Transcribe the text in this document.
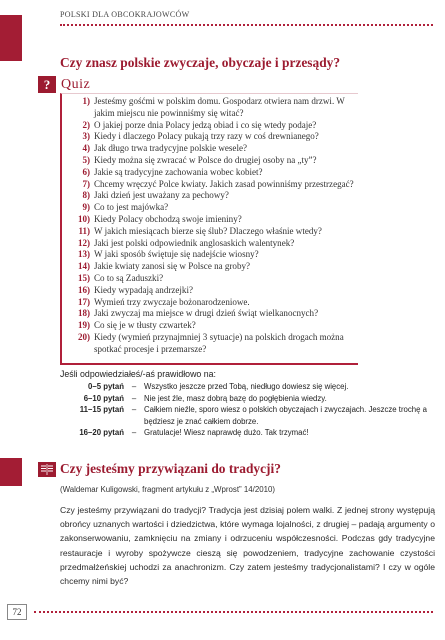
POLSKI DLA OBCOKRAJOWCÓW
Czy znasz polskie zwyczaje, obyczaje i przesądy?
? Quiz
1) Jesteśmy gośćmi w polskim domu. Gospodarz otwiera nam drzwi. W jakim miejscu nie powinniśmy się witać?
2) O jakiej porze dnia Polacy jedzą obiad i co się wtedy podaje?
3) Kiedy i dlaczego Polacy pukają trzy razy w coś drewnianego?
4) Jak długo trwa tradycyjne polskie wesele?
5) Kiedy można się zwracać w Polsce do drugiej osoby na „ty”?
6) Jakie są tradycyjne zachowania wobec kobiet?
7) Chcemy wręczyć Polce kwiaty. Jakich zasad powinniśmy przestrzegać?
8) Jaki dzień jest uważany za pechowy?
9) Co to jest majówka?
10) Kiedy Polacy obchodzą swoje imieniny?
11) W jakich miesiącach bierze się ślub? Dlaczego właśnie wtedy?
12) Jaki jest polski odpowiednik anglosaskich walentynek?
13) W jaki sposób świętuje się nadejście wiosny?
14) Jakie kwiaty zanosi się w Polsce na groby?
15) Co to są Zaduszki?
16) Kiedy wypadają andrzejki?
17) Wymień trzy zwyczaje bożonarodzeniowe.
18) Jaki zwyczaj ma miejsce w drugi dzień świąt wielkanocnych?
19) Co się je w tłusty czwartek?
20) Kiedy (wymień przynajmniej 3 sytuacje) na polskich drogach można spotkać procesje i przemarsze?
Jeśli odpowiedziałeś/-aś prawidłowo na:
0–5 pytań	–	Wszystko jeszcze przed Tobą, niedługo dowiesz się więcej.
6–10 pytań	–	Nie jest źle, masz dobrą bazę do pogłębienia wiedzy.
11–15 pytań	–	Całkiem nieźle, sporo wiesz o polskich obyczajach i zwyczajach. Jeszcze trochę a będziesz je znać całkiem dobrze.
16–20 pytań	–	Gratulacje! Wiesz naprawdę dużo. Tak trzymać!
Czy jesteśmy przywiązani do tradycji?
(Waldemar Kuligowski, fragment artykułu z „Wprost” 14/2010)

Czy jesteśmy przywiązani do tradycji? Tradycja jest dzisiaj polem walki. Z jednej strony występują obrońcy uznanych wartości i dziedzictwa, które wymaga lojalności, z drugiej – padają argumenty o zakonserwowaniu, zamknięciu na zmiany i odrzuceniu współczesności. Podczas gdy tradycyjne restauracje i wyroby spożywcze cieszą się powodzeniem, tradycyjne zachowanie czystości przedmałżeńskiej uchodzi za anachronizm. Czy zatem jesteśmy tradycjonalistami? I czy w ogóle chcemy nimi być?

72
